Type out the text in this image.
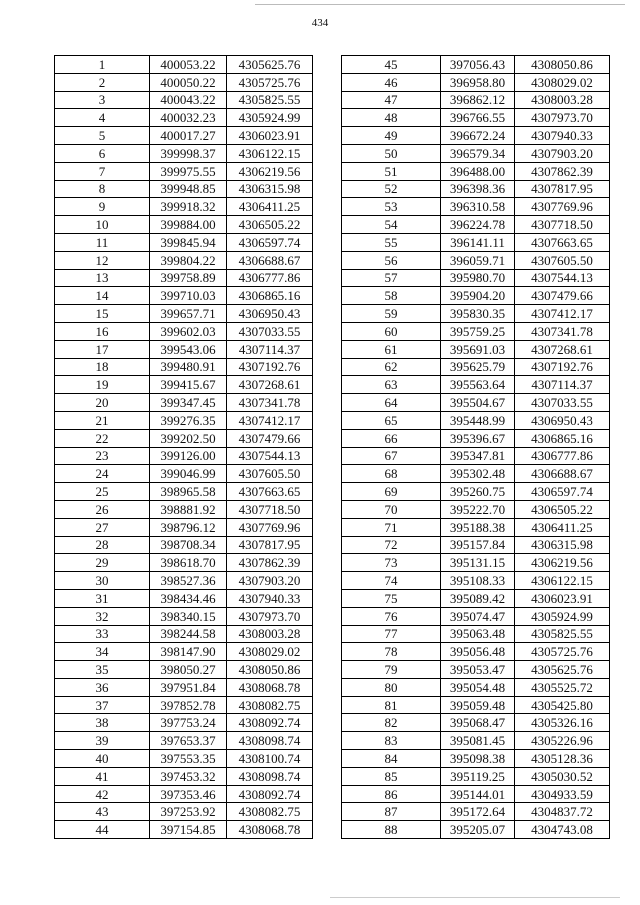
434
1	400053.22	4305625.76
2	400050.22	4305725.76
3	400043.22	4305825.55
4	400032.23	4305924.99
5	400017.27	4306023.91
6	399998.37	4306122.15
7	399975.55	4306219.56
8	399948.85	4306315.98
9	399918.32	4306411.25
10	399884.00	4306505.22
11	399845.94	4306597.74
12	399804.22	4306688.67
13	399758.89	4306777.86
14	399710.03	4306865.16
15	399657.71	4306950.43
16	399602.03	4307033.55
17	399543.06	4307114.37
18	399480.91	4307192.76
19	399415.67	4307268.61
20	399347.45	4307341.78
21	399276.35	4307412.17
22	399202.50	4307479.66
23	399126.00	4307544.13
24	399046.99	4307605.50
25	398965.58	4307663.65
26	398881.92	4307718.50
27	398796.12	4307769.96
28	398708.34	4307817.95
29	398618.70	4307862.39
30	398527.36	4307903.20
31	398434.46	4307940.33
32	398340.15	4307973.70
33	398244.58	4308003.28
34	398147.90	4308029.02
35	398050.27	4308050.86
36	397951.84	4308068.78
37	397852.78	4308082.75
38	397753.24	4308092.74
39	397653.37	4308098.74
40	397553.35	4308100.74
41	397453.32	4308098.74
42	397353.46	4308092.74
43	397253.92	4308082.75
44	397154.85	4308068.78
45	397056.43	4308050.86
46	396958.80	4308029.02
47	396862.12	4308003.28
48	396766.55	4307973.70
49	396672.24	4307940.33
50	396579.34	4307903.20
51	396488.00	4307862.39
52	396398.36	4307817.95
53	396310.58	4307769.96
54	396224.78	4307718.50
55	396141.11	4307663.65
56	396059.71	4307605.50
57	395980.70	4307544.13
58	395904.20	4307479.66
59	395830.35	4307412.17
60	395759.25	4307341.78
61	395691.03	4307268.61
62	395625.79	4307192.76
63	395563.64	4307114.37
64	395504.67	4307033.55
65	395448.99	4306950.43
66	395396.67	4306865.16
67	395347.81	4306777.86
68	395302.48	4306688.67
69	395260.75	4306597.74
70	395222.70	4306505.22
71	395188.38	4306411.25
72	395157.84	4306315.98
73	395131.15	4306219.56
74	395108.33	4306122.15
75	395089.42	4306023.91
76	395074.47	4305924.99
77	395063.48	4305825.55
78	395056.48	4305725.76
79	395053.47	4305625.76
80	395054.48	4305525.72
81	395059.48	4305425.80
82	395068.47	4305326.16
83	395081.45	4305226.96
84	395098.38	4305128.36
85	395119.25	4305030.52
86	395144.01	4304933.59
87	395172.64	4304837.72
88	395205.07	4304743.08
